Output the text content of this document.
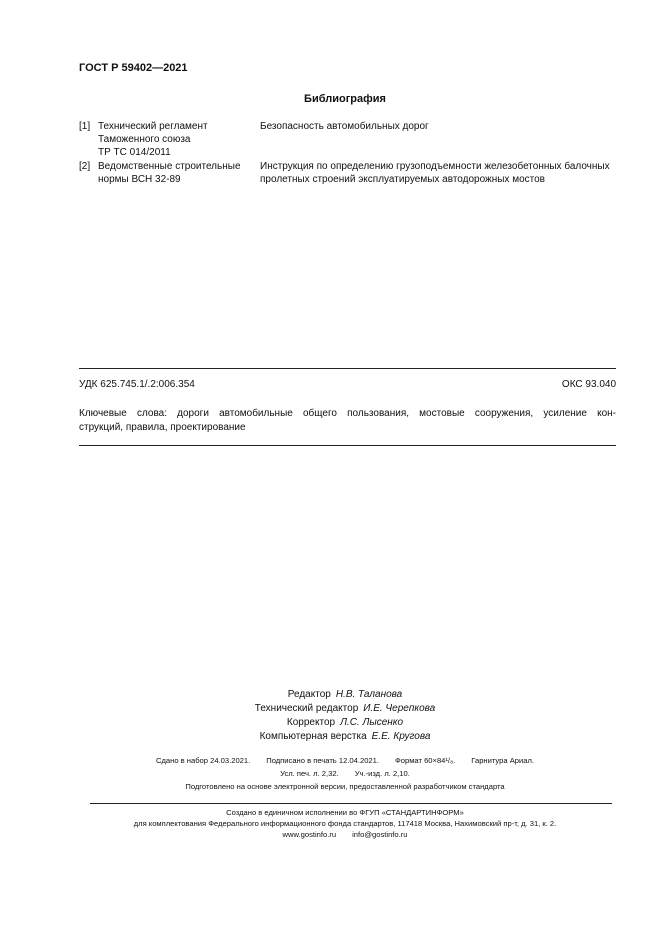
ГОСТ Р 59402—2021
Библиография
[1] Технический регламент
Таможенного союза
ТР ТС 014/2011
Безопасность автомобильных дорог
[2] Ведомственные строительные
нормы ВСН 32-89
Инструкция по определению грузоподъемности железобетонных балочных
пролетных строений эксплуатируемых автодорожных мостов
УДК 625.745.1/.2:006.354	ОКС 93.040
Ключевые слова: дороги автомобильные общего пользования, мостовые сооружения, усиление кон-
струкций, правила, проектирование
Редактор Н.В. Таланова
Технический редактор И.Е. Черепкова
Корректор Л.С. Лысенко
Компьютерная верстка Е.Е. Кругова
Сдано в набор 24.03.2021. Подписано в печать 12.04.2021. Формат 60×84¹/₈. Гарнитура Ариал.
Усл. печ. л. 2,32. Уч.-изд. л. 2,10.
Подготовлено на основе электронной версии, предоставленной разработчиком стандарта
Создано в единичном исполнении во ФГУП «СТАНДАРТИНФОРМ»
для комплектования Федерального информационного фонда стандартов, 117418 Москва, Нахимовский пр-т, д. 31, к. 2.
www.gostinfo.ru info@gostinfo.ru
